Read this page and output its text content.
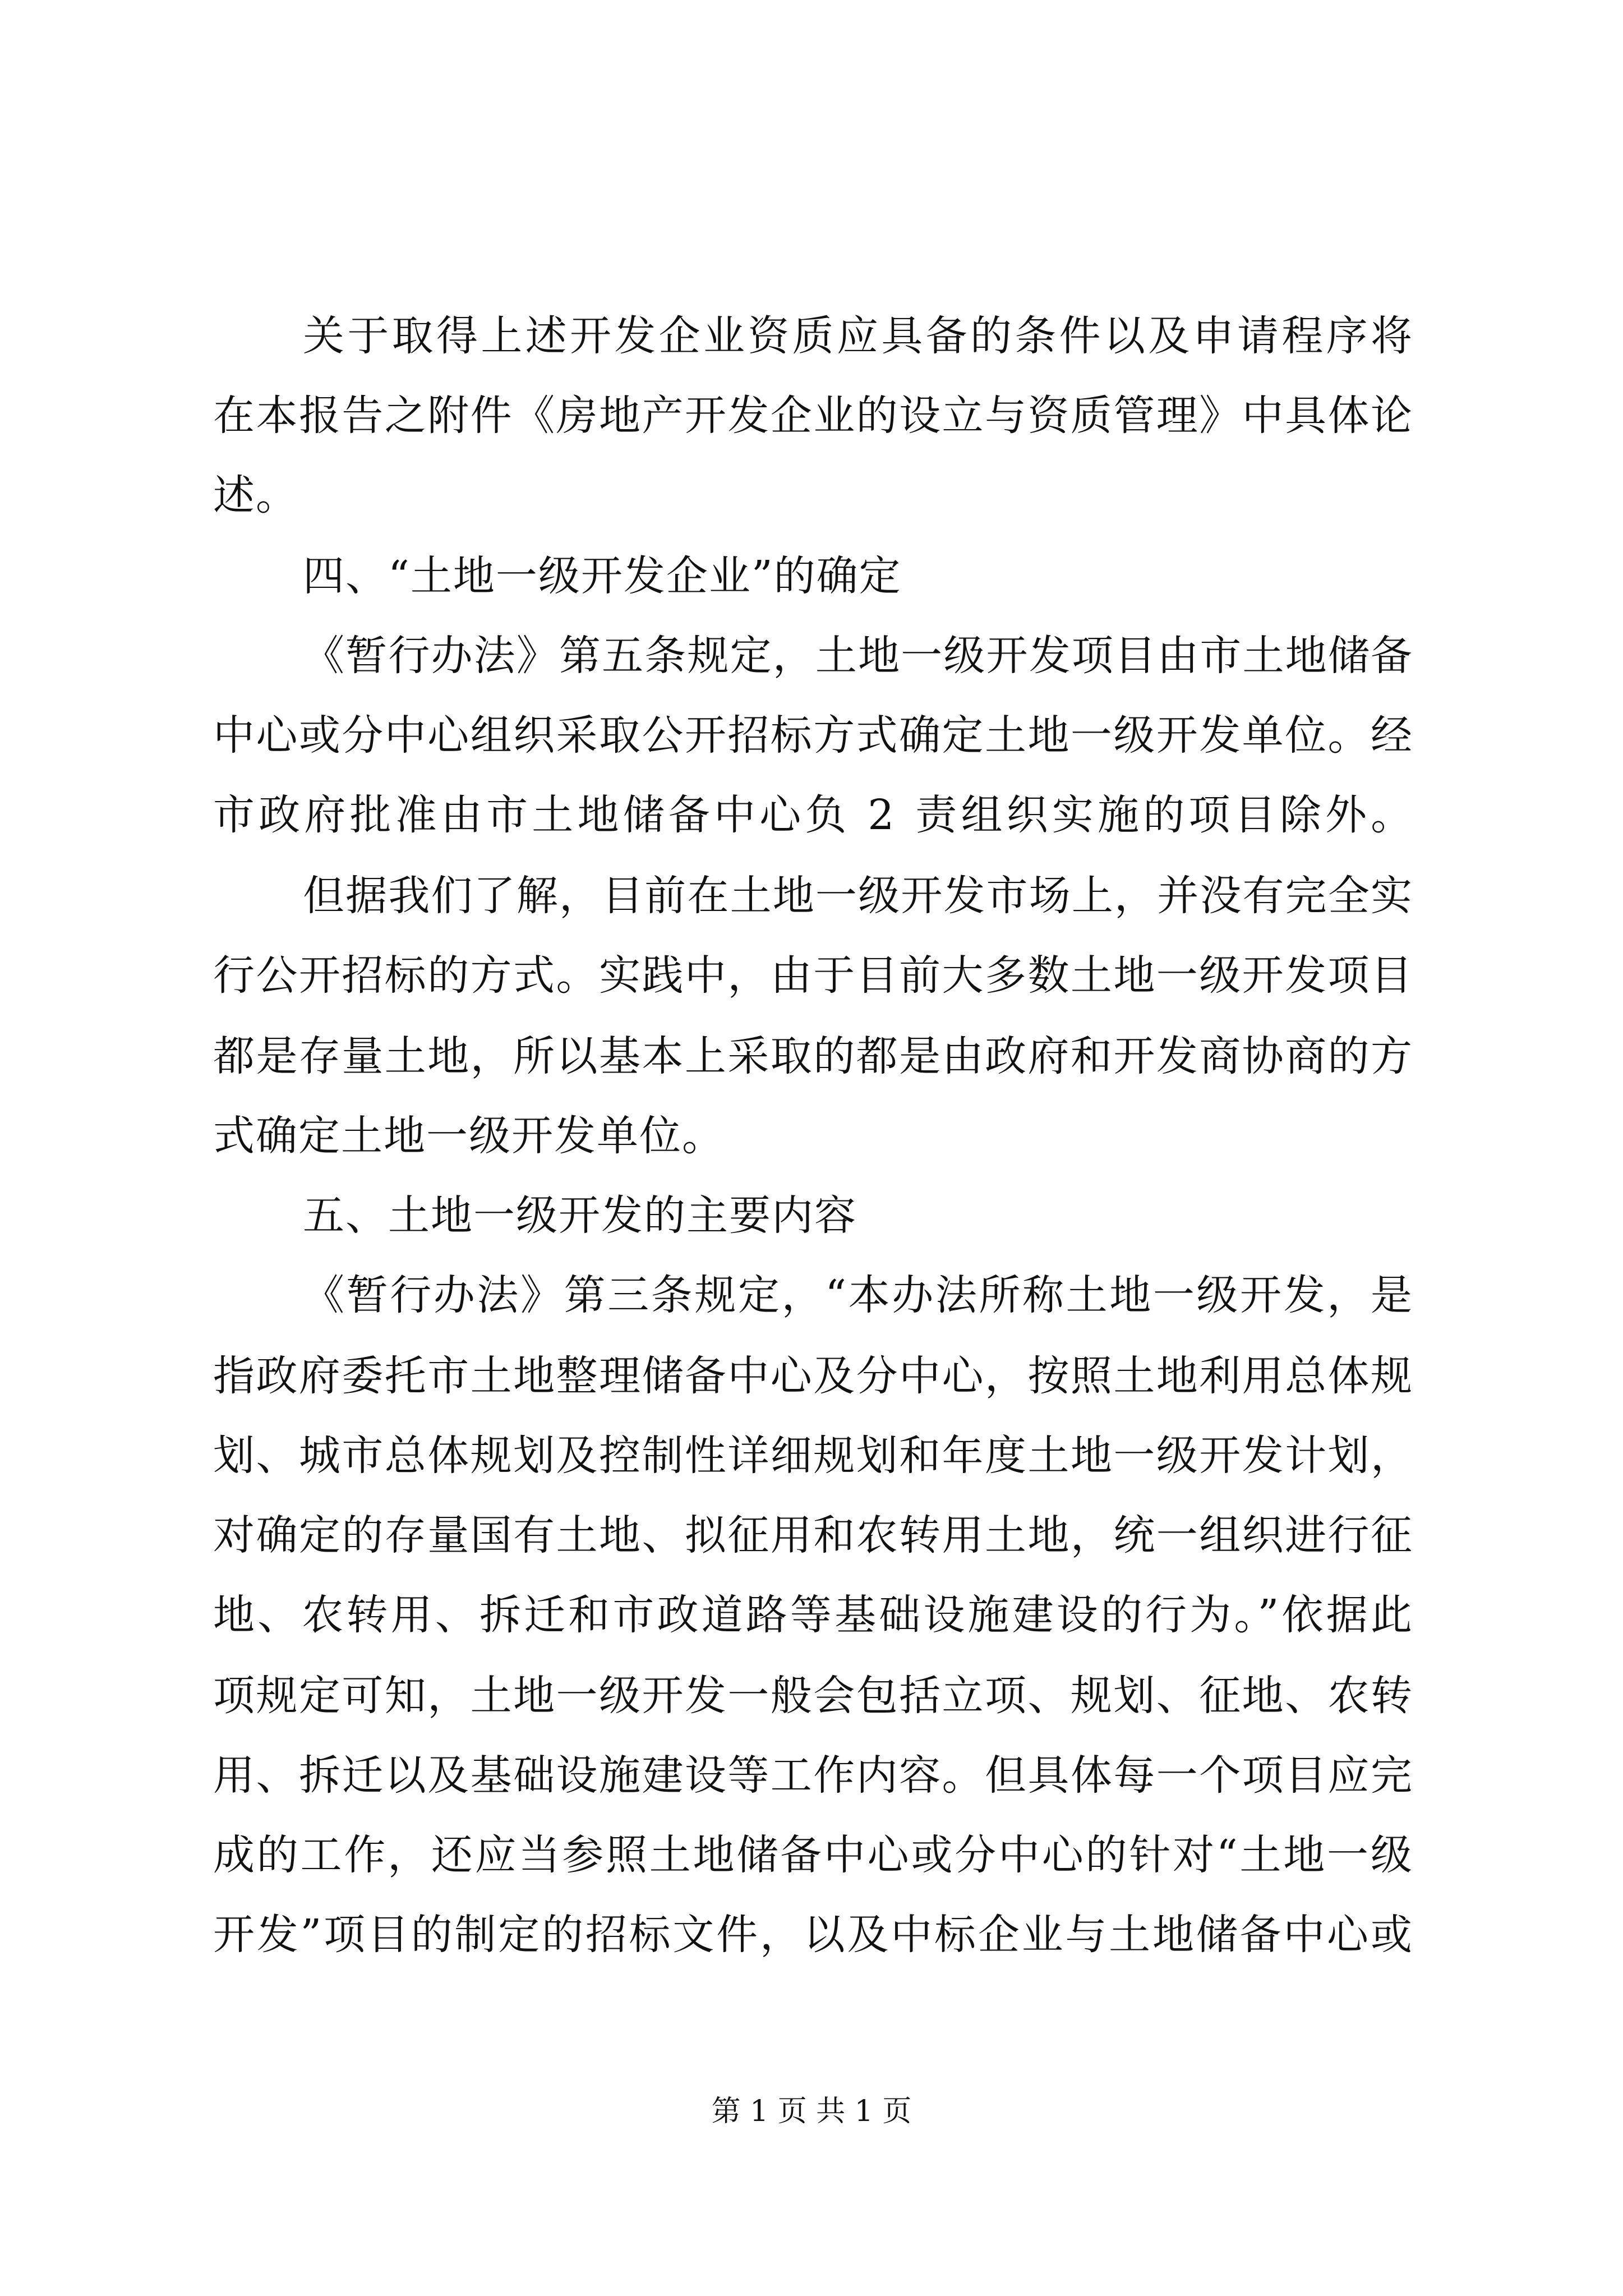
关于取得上述开发企业资质应具备的条件以及申请程序将
在本报告之附件《房地产开发企业的设立与资质管理》中具体论
述。
四、“土地一级开发企业”的确定
《暂行办法》第五条规定，土地一级开发项目由市土地储备
中心或分中心组织采取公开招标方式确定土地一级开发单位。经
市政府批准由市土地储备中心负 2 责组织实施的项目除外。
但据我们了解，目前在土地一级开发市场上，并没有完全实
行公开招标的方式。实践中，由于目前大多数土地一级开发项目
都是存量土地，所以基本上采取的都是由政府和开发商协商的方
式确定土地一级开发单位。
五、土地一级开发的主要内容
《暂行办法》第三条规定，“本办法所称土地一级开发，是
指政府委托市土地整理储备中心及分中心，按照土地利用总体规
划、城市总体规划及控制性详细规划和年度土地一级开发计划，
对确定的存量国有土地、拟征用和农转用土地，统一组织进行征
地、农转用、拆迁和市政道路等基础设施建设的行为。”依据此
项规定可知，土地一级开发一般会包括立项、规划、征地、农转
用、拆迁以及基础设施建设等工作内容。但具体每一个项目应完
成的工作，还应当参照土地储备中心或分中心的针对“土地一级
开发”项目的制定的招标文件，以及中标企业与土地储备中心或
第 1 页 共 1 页
